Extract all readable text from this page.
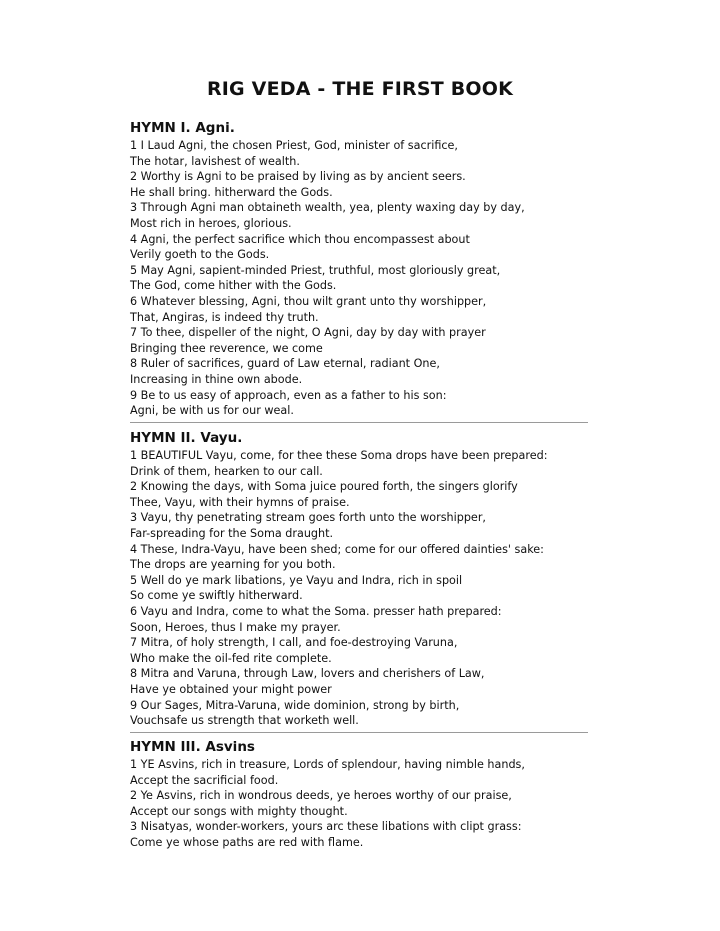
RIG VEDA - THE FIRST BOOK
HYMN I. Agni.

1 I Laud Agni, the chosen Priest, God, minister of sacrifice,

The hotar, lavishest of wealth.

2 Worthy is Agni to be praised by living as by ancient seers.

He shall bring. hitherward the Gods.

3 Through Agni man obtaineth wealth, yea, plenty waxing day by day,

Most rich in heroes, glorious.

4 Agni, the perfect sacrifice which thou encompassest about

Verily goeth to the Gods.

5 May Agni, sapient-minded Priest, truthful, most gloriously great,

The God, come hither with the Gods.

6 Whatever blessing, Agni, thou wilt grant unto thy worshipper,

That, Angiras, is indeed thy truth.

7 To thee, dispeller of the night, O Agni, day by day with prayer

Bringing thee reverence, we come

8 Ruler of sacrifices, guard of Law eternal, radiant One,

Increasing in thine own abode.

9 Be to us easy of approach, even as a father to his son:

Agni, be with us for our weal.

HYMN II. Vayu.

1 BEAUTIFUL Vayu, come, for thee these Soma drops have been prepared:

Drink of them, hearken to our call.

2 Knowing the days, with Soma juice poured forth, the singers glorify

Thee, Vayu, with their hymns of praise.

3 Vayu, thy penetrating stream goes forth unto the worshipper,

Far-spreading for the Soma draught.

4 These, Indra-Vayu, have been shed; come for our offered dainties' sake:

The drops are yearning for you both.

5 Well do ye mark libations, ye Vayu and Indra, rich in spoil

So come ye swiftly hitherward.

6 Vayu and Indra, come to what the Soma. presser hath prepared:

Soon, Heroes, thus I make my prayer.

7 Mitra, of holy strength, I call, and foe-destroying Varuna,

Who make the oil-fed rite complete.

8 Mitra and Varuna, through Law, lovers and cherishers of Law,

Have ye obtained your might power

9 Our Sages, Mitra-Varuna, wide dominion, strong by birth,

Vouchsafe us strength that worketh well.

HYMN III. Asvins

1 YE Asvins, rich in treasure, Lords of splendour, having nimble hands,

Accept the sacrificial food.

2 Ye Asvins, rich in wondrous deeds, ye heroes worthy of our praise,

Accept our songs with mighty thought.

3 Nisatyas, wonder-workers, yours arc these libations with clipt grass:

Come ye whose paths are red with flame.
